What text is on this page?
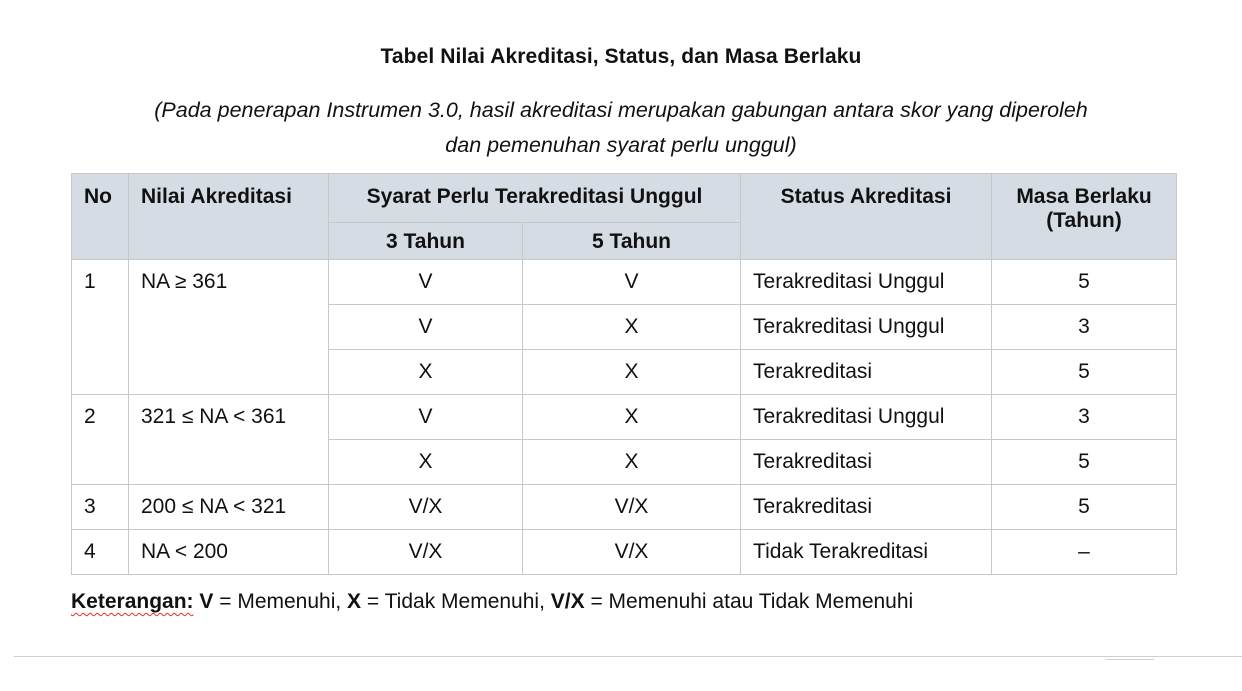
Tabel Nilai Akreditasi, Status, dan Masa Berlaku
(Pada penerapan Instrumen 3.0, hasil akreditasi merupakan gabungan antara skor yang diperoleh
dan pemenuhan syarat perlu unggul)
No	Nilai Akreditasi	Syarat Perlu Terakreditasi Unggul		Status Akreditasi	Masa Berlaku (Tahun)
		3 Tahun	5 Tahun		
1	NA ≥ 361	V	V	Terakreditasi Unggul	5
		V	X	Terakreditasi Unggul	3
		X	X	Terakreditasi	5
2	321 ≤ NA < 361	V	X	Terakreditasi Unggul	3
		X	X	Terakreditasi	5
3	200 ≤ NA < 321	V/X	V/X	Terakreditasi	5
4	NA < 200	V/X	V/X	Tidak Terakreditasi	–
Keterangan: V = Memenuhi, X = Tidak Memenuhi, V/X = Memenuhi atau Tidak Memenuhi
